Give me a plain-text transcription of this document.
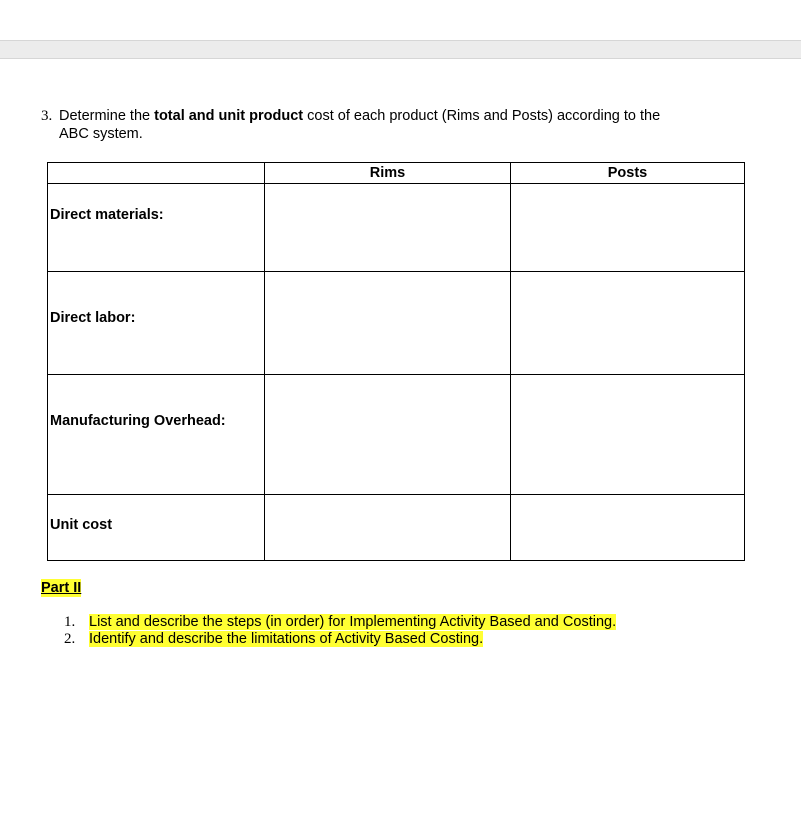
3. Determine the total and unit product cost of each product (Rims and Posts) according to the
ABC system.
	Rims	Posts

Direct materials:		

Direct labor:		

Manufacturing Overhead:		

Unit cost		

Part II
1. List and describe the steps (in order) for Implementing Activity Based and Costing.
2. Identify and describe the limitations of Activity Based Costing.
